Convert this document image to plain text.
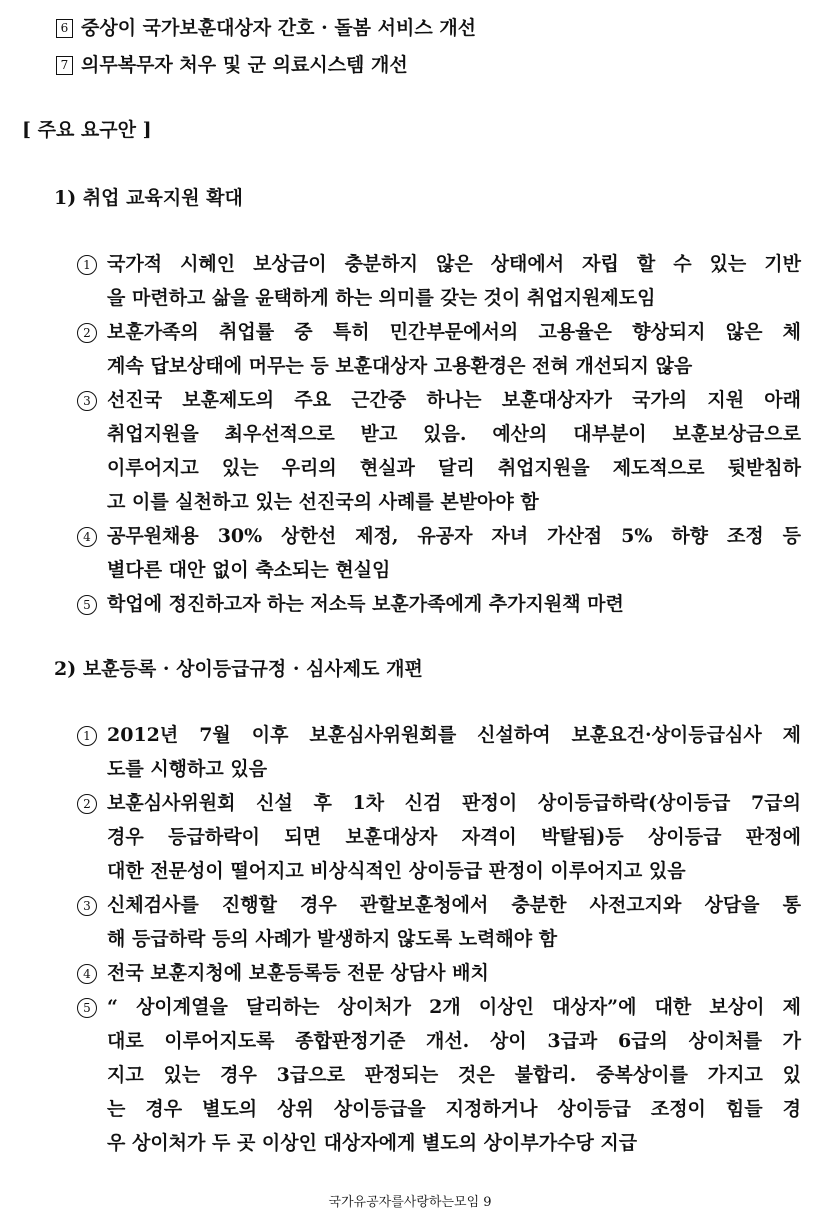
6 중상이 국가보훈대상자 간호 · 돌봄 서비스 개선
7 의무복무자 처우 및 군 의료시스템 개선
[ 주요 요구안 ]
1) 취업 교육지원 확대
1 국가적 시혜인 보상금이 충분하지 않은 상태에서 자립 할 수 있는 기반
을 마련하고 삶을 윤택하게 하는 의미를 갖는 것이 취업지원제도임
2 보훈가족의 취업률 중 특히 민간부문에서의 고용율은 향상되지 않은 체
계속 답보상태에 머무는 등 보훈대상자 고용환경은 전혀 개선되지 않음
3 선진국 보훈제도의 주요 근간중 하나는 보훈대상자가 국가의 지원 아래
취업지원을 최우선적으로 받고 있음. 예산의 대부분이 보훈보상금으로
이루어지고 있는 우리의 현실과 달리 취업지원을 제도적으로 뒷받침하
고 이를 실천하고 있는 선진국의 사례를 본받아야 함
4 공무원채용 30% 상한선 제정, 유공자 자녀 가산점 5% 하향 조정 등
별다른 대안 없이 축소되는 현실임
5 학업에 정진하고자 하는 저소득 보훈가족에게 추가지원책 마련
2) 보훈등록 · 상이등급규정 · 심사제도 개편
1 2012년 7월 이후 보훈심사위원회를 신설하여 보훈요건·상이등급심사 제
도를 시행하고 있음
2 보훈심사위원회 신설 후 1차 신검 판정이 상이등급하락(상이등급 7급의
경우 등급하락이 되면 보훈대상자 자격이 박탈됨)등 상이등급 판정에
대한 전문성이 떨어지고 비상식적인 상이등급 판정이 이루어지고 있음
3 신체검사를 진행할 경우 관할보훈청에서 충분한 사전고지와 상담을 통
해 등급하락 등의 사례가 발생하지 않도록 노력해야 함
4 전국 보훈지청에 보훈등록등 전문 상담사 배치
5 “ 상이계열을 달리하는 상이처가 2개 이상인 대상자”에 대한 보상이 제
대로 이루어지도록 종합판정기준 개선. 상이 3급과 6급의 상이처를 가
지고 있는 경우 3급으로 판정되는 것은 불합리. 중복상이를 가지고 있
는 경우 별도의 상위 상이등급을 지정하거나 상이등급 조정이 힘들 경
우 상이처가 두 곳 이상인 대상자에게 별도의 상이부가수당 지급
국가유공자를사랑하는모임 9
